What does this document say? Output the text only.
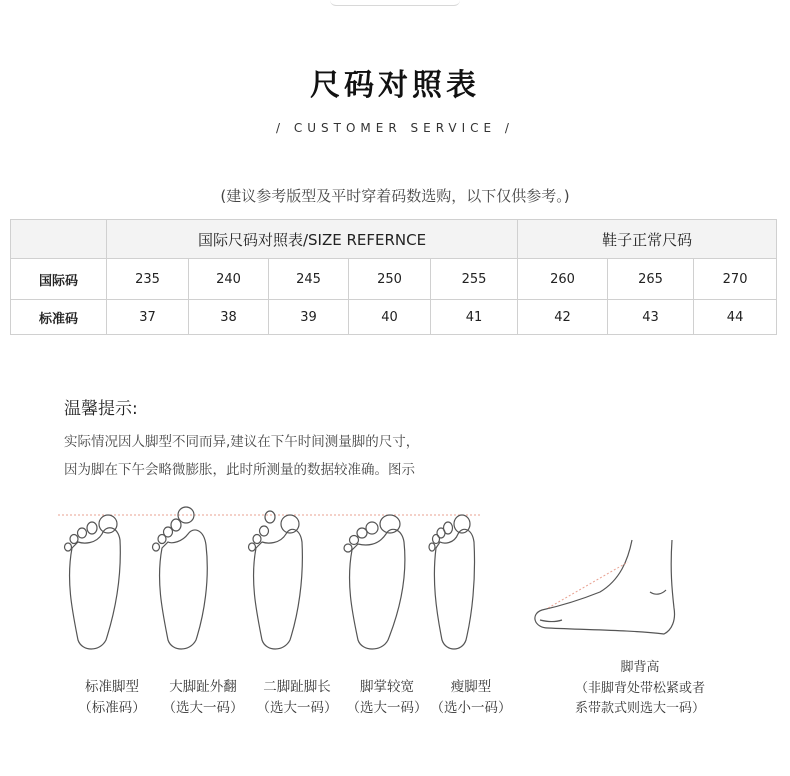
尺码对照表
/ CUSTOMER SERVICE /
(建议参考版型及平时穿着码数选购，以下仅供参考。)
	国际尺码对照表/SIZE REFERNCE					鞋子正常尺码		
国际码	235	240	245	250	255	260	265	270
标准码	37	38	39	40	41	42	43	44
温馨提示:
实际情况因人脚型不同而异,建议在下午时间测量脚的尺寸，
因为脚在下午会略微膨胀，此时所测量的数据较准确。图示
标准脚型
（标准码）
大脚趾外翻
（选大一码）
二脚趾脚长
（选大一码）
脚掌较宽
（选大一码）
瘦脚型
（选小一码）
脚背高
（非脚背处带松紧或者
系带款式则选大一码）
